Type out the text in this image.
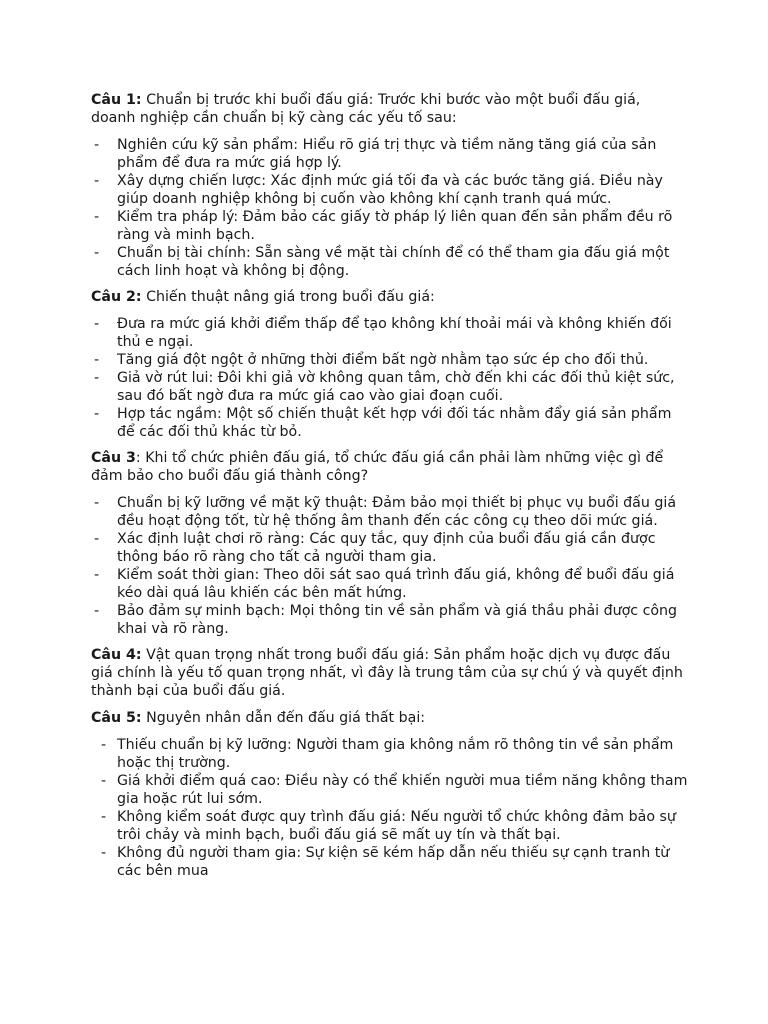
Câu 1: Chuẩn bị trước khi buổi đấu giá: Trước khi bước vào một buổi đấu giá, doanh nghiệp cần chuẩn bị kỹ càng các yếu tố sau:

- Nghiên cứu kỹ sản phẩm: Hiểu rõ giá trị thực và tiềm năng tăng giá của sản phẩm để đưa ra mức giá hợp lý.
- Xây dựng chiến lược: Xác định mức giá tối đa và các bước tăng giá. Điều này giúp doanh nghiệp không bị cuốn vào không khí cạnh tranh quá mức.
- Kiểm tra pháp lý: Đảm bảo các giấy tờ pháp lý liên quan đến sản phẩm đều rõ ràng và minh bạch.
- Chuẩn bị tài chính: Sẵn sàng về mặt tài chính để có thể tham gia đấu giá một cách linh hoạt và không bị động.

Câu 2: Chiến thuật nâng giá trong buổi đấu giá:

- Đưa ra mức giá khởi điểm thấp để tạo không khí thoải mái và không khiến đối thủ e ngại.
- Tăng giá đột ngột ở những thời điểm bất ngờ nhằm tạo sức ép cho đối thủ.
- Giả vờ rút lui: Đôi khi giả vờ không quan tâm, chờ đến khi các đối thủ kiệt sức, sau đó bất ngờ đưa ra mức giá cao vào giai đoạn cuối.
- Hợp tác ngầm: Một số chiến thuật kết hợp với đối tác nhằm đẩy giá sản phẩm để các đối thủ khác từ bỏ.

Câu 3: Khi tổ chức phiên đấu giá, tổ chức đấu giá cần phải làm những việc gì để đảm bảo cho buổi đấu giá thành công?

- Chuẩn bị kỹ lưỡng về mặt kỹ thuật: Đảm bảo mọi thiết bị phục vụ buổi đấu giá đều hoạt động tốt, từ hệ thống âm thanh đến các công cụ theo dõi mức giá.
- Xác định luật chơi rõ ràng: Các quy tắc, quy định của buổi đấu giá cần được thông báo rõ ràng cho tất cả người tham gia.
- Kiểm soát thời gian: Theo dõi sát sao quá trình đấu giá, không để buổi đấu giá kéo dài quá lâu khiến các bên mất hứng.
- Bảo đảm sự minh bạch: Mọi thông tin về sản phẩm và giá thầu phải được công khai và rõ ràng.

Câu 4: Vật quan trọng nhất trong buổi đấu giá: Sản phẩm hoặc dịch vụ được đấu giá chính là yếu tố quan trọng nhất, vì đây là trung tâm của sự chú ý và quyết định thành bại của buổi đấu giá.

Câu 5: Nguyên nhân dẫn đến đấu giá thất bại:

- Thiếu chuẩn bị kỹ lưỡng: Người tham gia không nắm rõ thông tin về sản phẩm hoặc thị trường.
- Giá khởi điểm quá cao: Điều này có thể khiến người mua tiềm năng không tham gia hoặc rút lui sớm.
- Không kiểm soát được quy trình đấu giá: Nếu người tổ chức không đảm bảo sự trôi chảy và minh bạch, buổi đấu giá sẽ mất uy tín và thất bại.
- Không đủ người tham gia: Sự kiện sẽ kém hấp dẫn nếu thiếu sự cạnh tranh từ các bên mua
